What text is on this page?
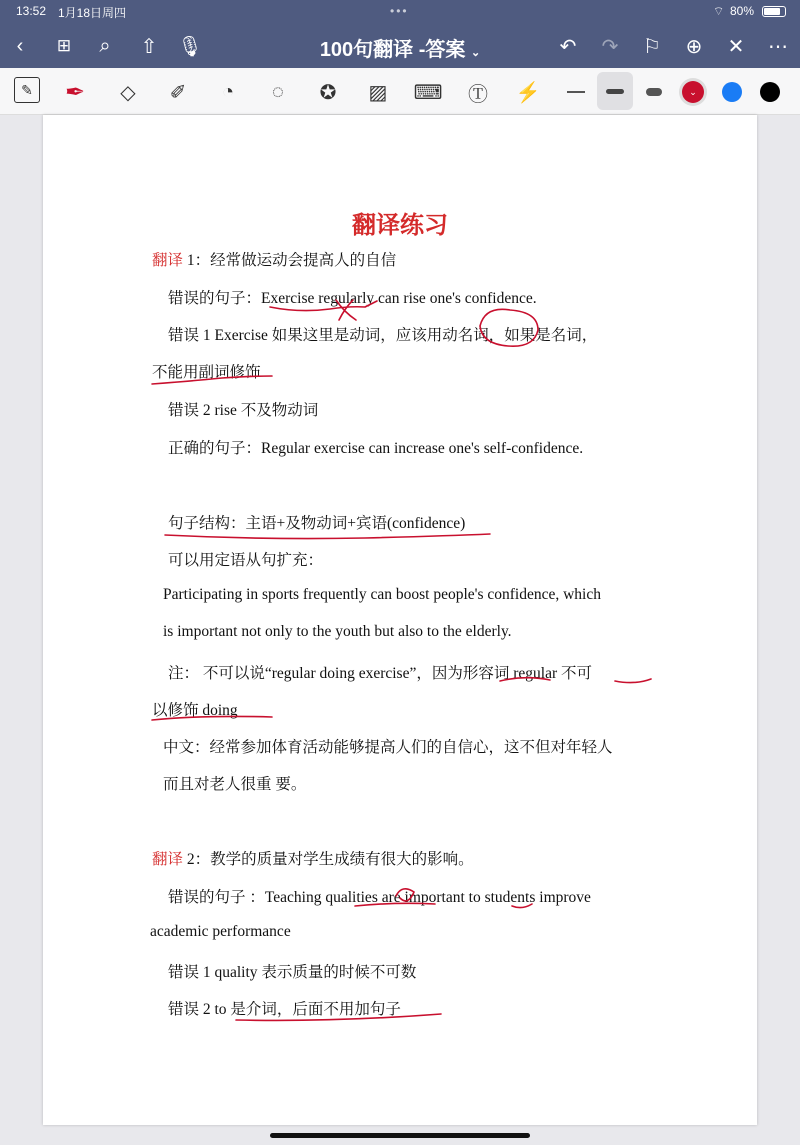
13:52 1月18日周四	•••	⌔ 80%
‹	⊞	⌕	⇧ 🎙	100句翻译 -答案 ⌄	↶ ↷ ⚐ ⊕ ✕ ⋯
✎ ✒	◇	✐	◔	◌	✪	▨ ⌨ Ⓣ ⚡	⌄
翻译练习
翻译 1：经常做运动会提高人的自信
错误的句子：Exercise regularly can rise one's confidence.
错误 1 Exercise 如果这里是动词，应该用动名词，如果是名词，
不能用副词修饰
错误 2 rise 不及物动词
正确的句子：Regular exercise can increase one's self-confidence.
句子结构：主语+及物动词+宾语(confidence)
可以用定语从句扩充：
Participating in sports frequently can boost people's confidence, which
is important not only to the youth but also to the elderly.
注： 不可以说“regular doing exercise”，因为形容词 regular 不可
以修饰 doing
中文：经常参加体育活动能够提高人们的自信心，这不但对年轻人
而且对老人很重 要。
翻译 2：教学的质量对学生成绩有很大的影响。
错误的句子 ：Teaching qualities are important to students improve
academic performance
错误 1 quality 表示质量的时候不可数
错误 2 to 是介词，后面不用加句子
